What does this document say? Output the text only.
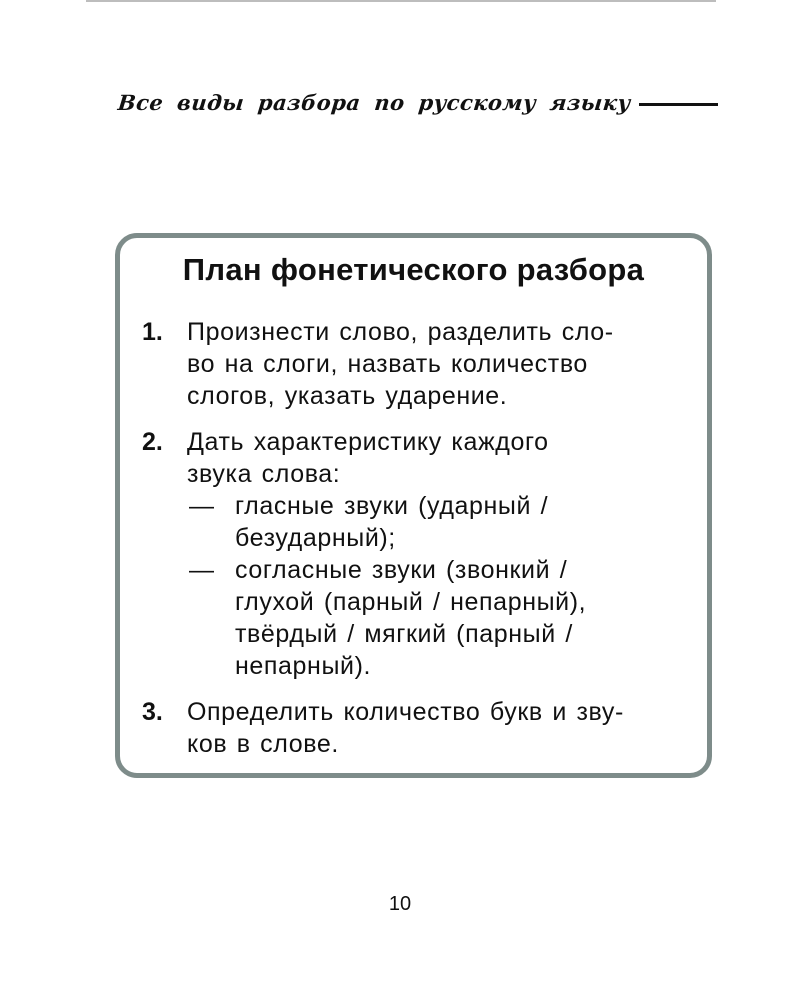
Все виды разбора по русскому языку
План фонетического разбора
1. Произнести слово, разделить сло-
во на слоги, назвать количество
слогов, указать ударение.
2. Дать характеристику каждого
звука слова:
— гласные звуки (ударный /
безударный);
— согласные звуки (звонкий /
глухой (парный / непарный),
твёрдый / мягкий (парный /
непарный).
3. Определить количество букв и зву-
ков в слове.
10
